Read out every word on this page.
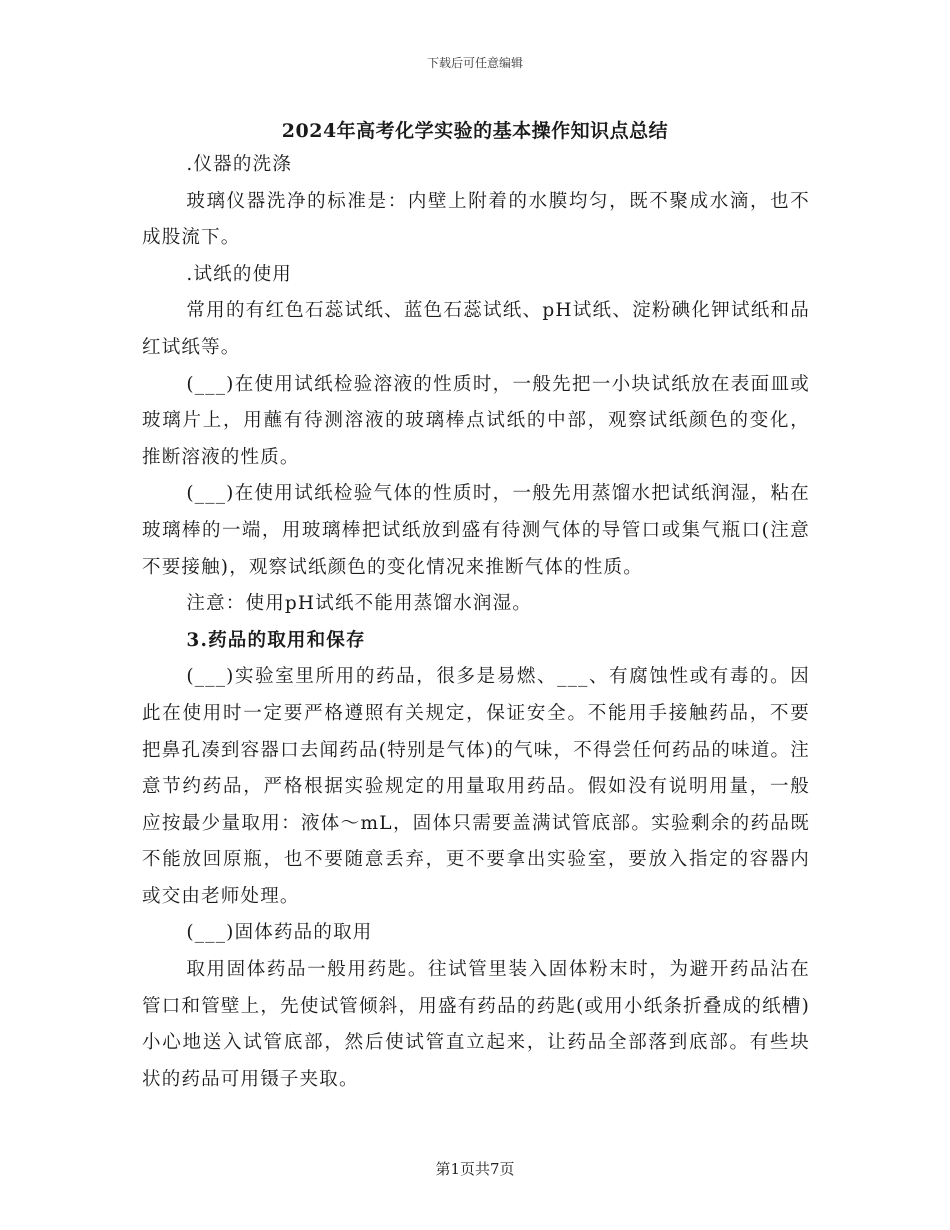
下载后可任意编辑
2024年高考化学实验的基本操作知识点总结

.仪器的洗涤

玻璃仪器洗净的标准是：内壁上附着的水膜均匀，既不聚成水滴，也不成股流下。

.试纸的使用

常用的有红色石蕊试纸、蓝色石蕊试纸、pH试纸、淀粉碘化钾试纸和品红试纸等。

(___)在使用试纸检验溶液的性质时，一般先把一小块试纸放在表面皿或玻璃片上，用蘸有待测溶液的玻璃棒点试纸的中部，观察试纸颜色的变化，推断溶液的性质。

(___)在使用试纸检验气体的性质时，一般先用蒸馏水把试纸润湿，粘在玻璃棒的一端，用玻璃棒把试纸放到盛有待测气体的导管口或集气瓶口(注意不要接触)，观察试纸颜色的变化情况来推断气体的性质。

注意：使用pH试纸不能用蒸馏水润湿。

3.药品的取用和保存

(___)实验室里所用的药品，很多是易燃、___、有腐蚀性或有毒的。因此在使用时一定要严格遵照有关规定，保证安全。不能用手接触药品，不要把鼻孔凑到容器口去闻药品(特别是气体)的气味，不得尝任何药品的味道。注意节约药品，严格根据实验规定的用量取用药品。假如没有说明用量，一般应按最少量取用：液体～mL，固体只需要盖满试管底部。实验剩余的药品既不能放回原瓶，也不要随意丢弃，更不要拿出实验室，要放入指定的容器内或交由老师处理。

(___)固体药品的取用

取用固体药品一般用药匙。往试管里装入固体粉末时，为避开药品沾在管口和管壁上，先使试管倾斜，用盛有药品的药匙(或用小纸条折叠成的纸槽)小心地送入试管底部，然后使试管直立起来，让药品全部落到底部。有些块状的药品可用镊子夹取。

第1页共7页
